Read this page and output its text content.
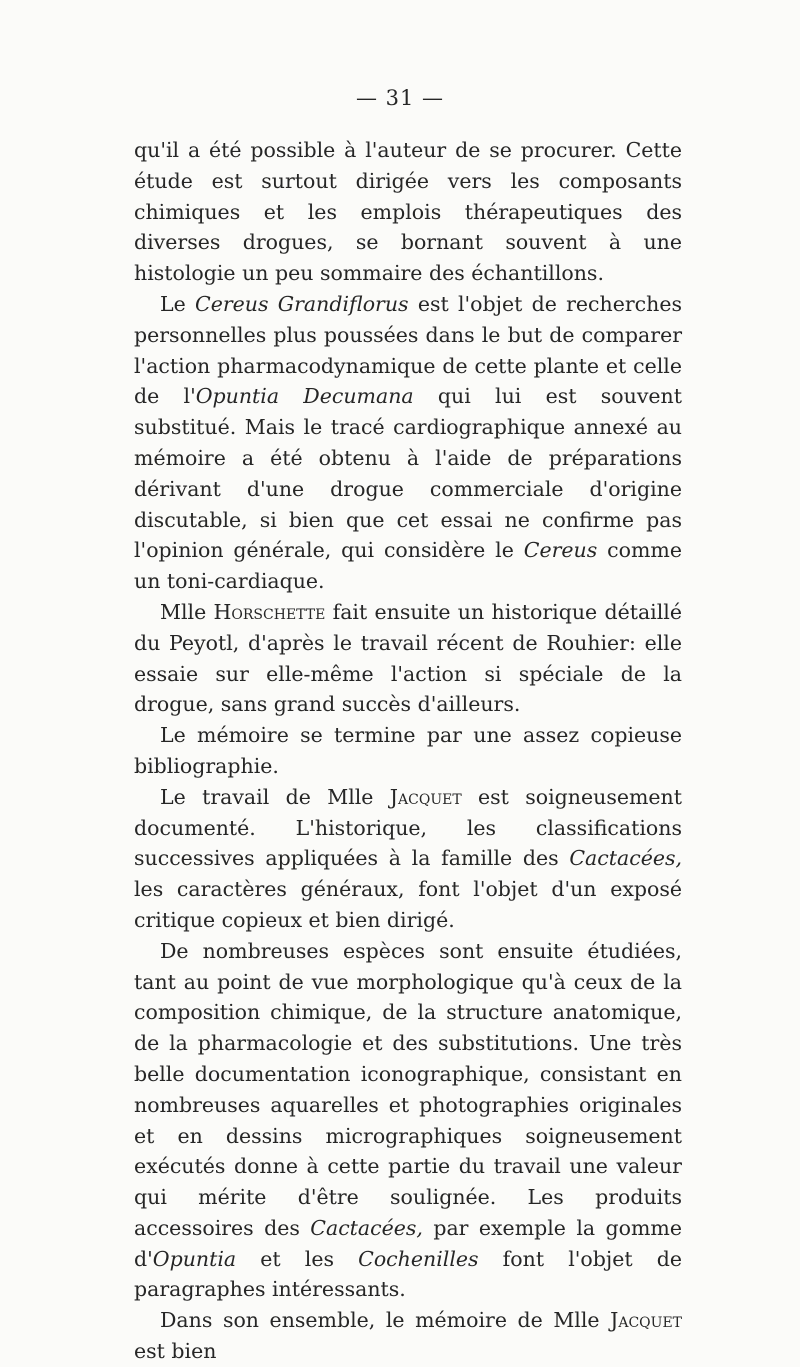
— 31 —

qu'il a été possible à l'auteur de se procurer. Cette étude est surtout dirigée vers les composants chimiques et les emplois thérapeutiques des diverses drogues, se bornant souvent à une histologie un peu sommaire des échantillons.

Le Cereus Grandiflorus est l'objet de recherches personnelles plus poussées dans le but de comparer l'action pharmacodynamique de cette plante et celle de l'Opuntia Decumana qui lui est souvent substitué. Mais le tracé cardiographique annexé au mémoire a été obtenu à l'aide de préparations dérivant d'une drogue commerciale d'origine discutable, si bien que cet essai ne confirme pas l'opinion générale, qui considère le Cereus comme un toni-cardiaque.

Mlle Horschette fait ensuite un historique détaillé du Peyotl, d'après le travail récent de Rouhier: elle essaie sur elle-même l'action si spéciale de la drogue, sans grand succès d'ailleurs.

Le mémoire se termine par une assez copieuse bibliographie.

Le travail de Mlle Jacquet est soigneusement documenté. L'historique, les classifications successives appliquées à la famille des Cactacées, les caractères généraux, font l'objet d'un exposé critique copieux et bien dirigé.

De nombreuses espèces sont ensuite étudiées, tant au point de vue morphologique qu'à ceux de la composition chimique, de la structure anatomique, de la pharmacologie et des substitutions. Une très belle documentation iconographique, consistant en nombreuses aquarelles et photographies originales et en dessins micrographiques soigneusement exécutés donne à cette partie du travail une valeur qui mérite d'être soulignée. Les produits accessoires des Cactacées, par exemple la gomme d'Opuntia et les Cochenilles font l'objet de paragraphes intéressants.

Dans son ensemble, le mémoire de Mlle Jacquet est bien
